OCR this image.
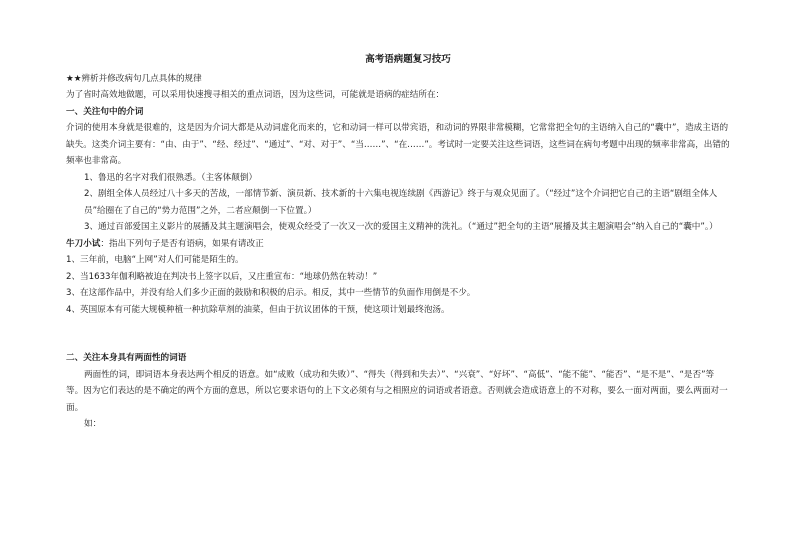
高考语病题复习技巧
★★辨析并修改病句几点具体的规律
为了省时高效地做题，可以采用快速搜寻相关的重点词语，因为这些词，可能就是语病的症结所在：
一、关注句中的介词
介词的使用本身就是很难的，这是因为介词大都是从动词虚化而来的，它和动词一样可以带宾语，和动词的界限非常模糊，它常常把全句的主语纳入自己的“囊中”，造成主语的缺失。这类介词主要有：“由、由于”、“经、经过”、“通过”、“对、对于”、“当……”、“在……”。考试时一定要关注这些词语，这些词在病句考题中出现的频率非常高，出错的频率也非常高。
1、鲁迅的名字对我们很熟悉。（主客体颠倒）
2、剧组全体人员经过八十多天的苦战，一部情节新、演员新、技术新的十六集电视连续剧《西游记》终于与观众见面了。（“经过”这个介词把它自己的主语“剧组全体人员”给圈在了自己的“势力范围”之外，二者应颠倒一下位置。）
3、通过百部爱国主义影片的展播及其主题演唱会，使观众经受了一次又一次的爱国主义精神的洗礼。（“通过”把全句的主语“展播及其主题演唱会”纳入自己的“囊中”。）
牛刀小试：指出下列句子是否有语病，如果有请改正
1、三年前，电脑“上网”对人们可能是陌生的。
2、当1633年伽利略被迫在判决书上签字以后，又庄重宣布：“地球仍然在转动！”
3、在这部作品中，并没有给人们多少正面的鼓励和积极的启示。相反，其中一些情节的负面作用倒是不少。
4、英国原本有可能大规模种植一种抗除草剂的油菜，但由于抗议团体的干预，使这项计划最终泡汤。
二、关注本身具有两面性的词语
两面性的词，即词语本身表达两个相反的语意。如“成败（成功和失败）”、“得失（得到和失去）”、“兴衰”、“好坏”、“高低”、“能不能”、“能否”、“是不是”、“是否”等等。因为它们表达的是不确定的两个方面的意思，所以它要求语句的上下文必须有与之相照应的词语或者语意。否则就会造成语意上的不对称，要么一面对两面，要么两面对一面。
如：
